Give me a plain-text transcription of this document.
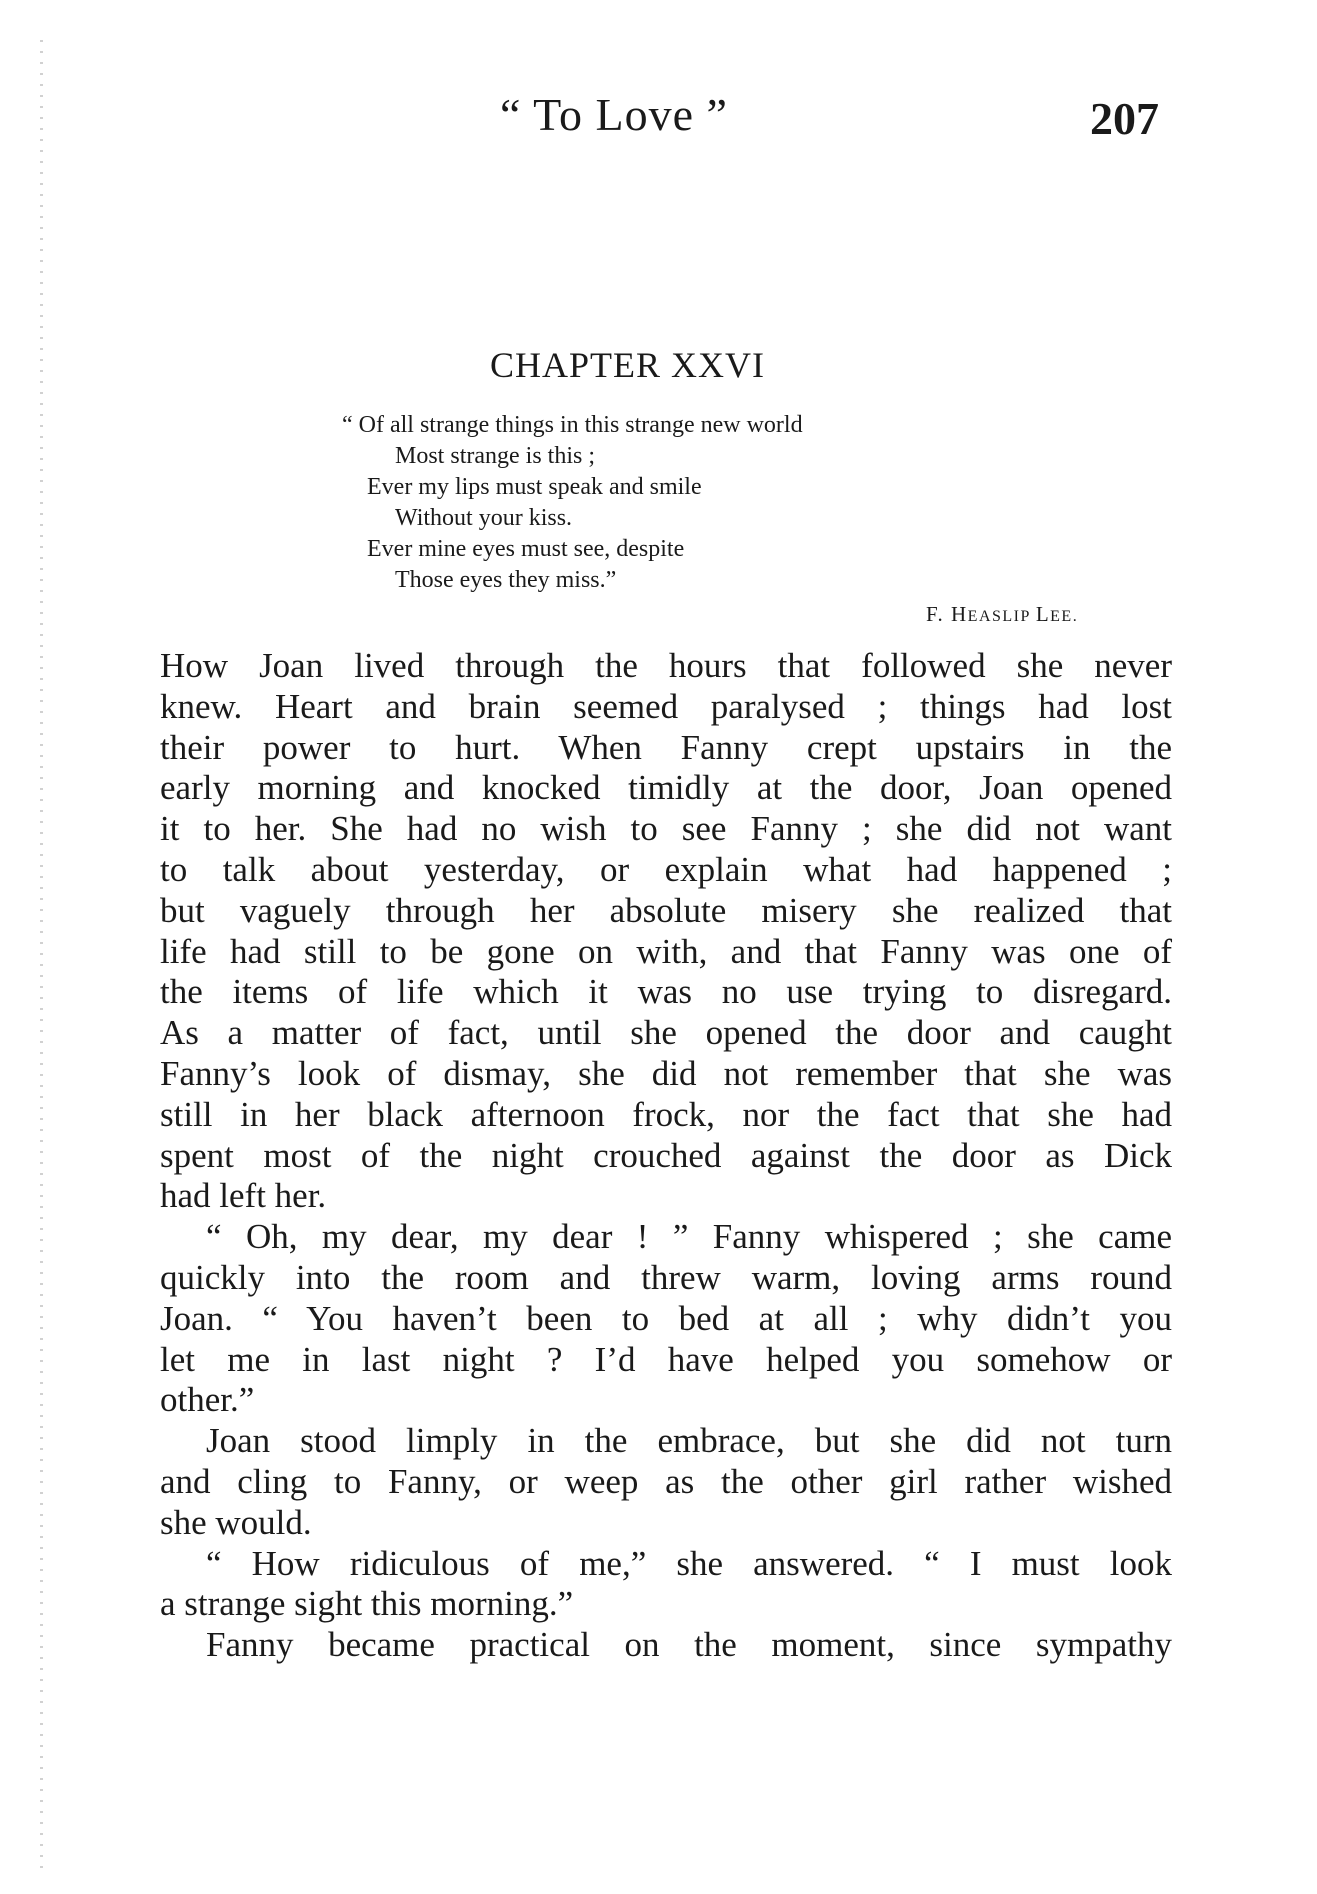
“ To Love ”	207
CHAPTER XXVI
“ Of all strange things in this strange new world
Most strange is this ;
Ever my lips must speak and smile
Without your kiss.
Ever mine eyes must see, despite
Those eyes they miss.”
F. HEASLIP LEE.
How Joan lived through the hours that followed she never
knew. Heart and brain seemed paralysed ; things had lost
their power to hurt. When Fanny crept upstairs in the
early morning and knocked timidly at the door, Joan opened
it to her. She had no wish to see Fanny ; she did not want
to talk about yesterday, or explain what had happened ;
but vaguely through her absolute misery she realized that
life had still to be gone on with, and that Fanny was one of
the items of life which it was no use trying to disregard.
As a matter of fact, until she opened the door and caught
Fanny’s look of dismay, she did not remember that she was
still in her black afternoon frock, nor the fact that she had
spent most of the night crouched against the door as Dick
had left her.
“ Oh, my dear, my dear ! ” Fanny whispered ; she came
quickly into the room and threw warm, loving arms round
Joan. “ You haven’t been to bed at all ; why didn’t you
let me in last night ? I’d have helped you somehow or
other.”
Joan stood limply in the embrace, but she did not turn
and cling to Fanny, or weep as the other girl rather wished
she would.
“ How ridiculous of me,” she answered. “ I must look
a strange sight this morning.”
Fanny became practical on the moment, since sympathy
